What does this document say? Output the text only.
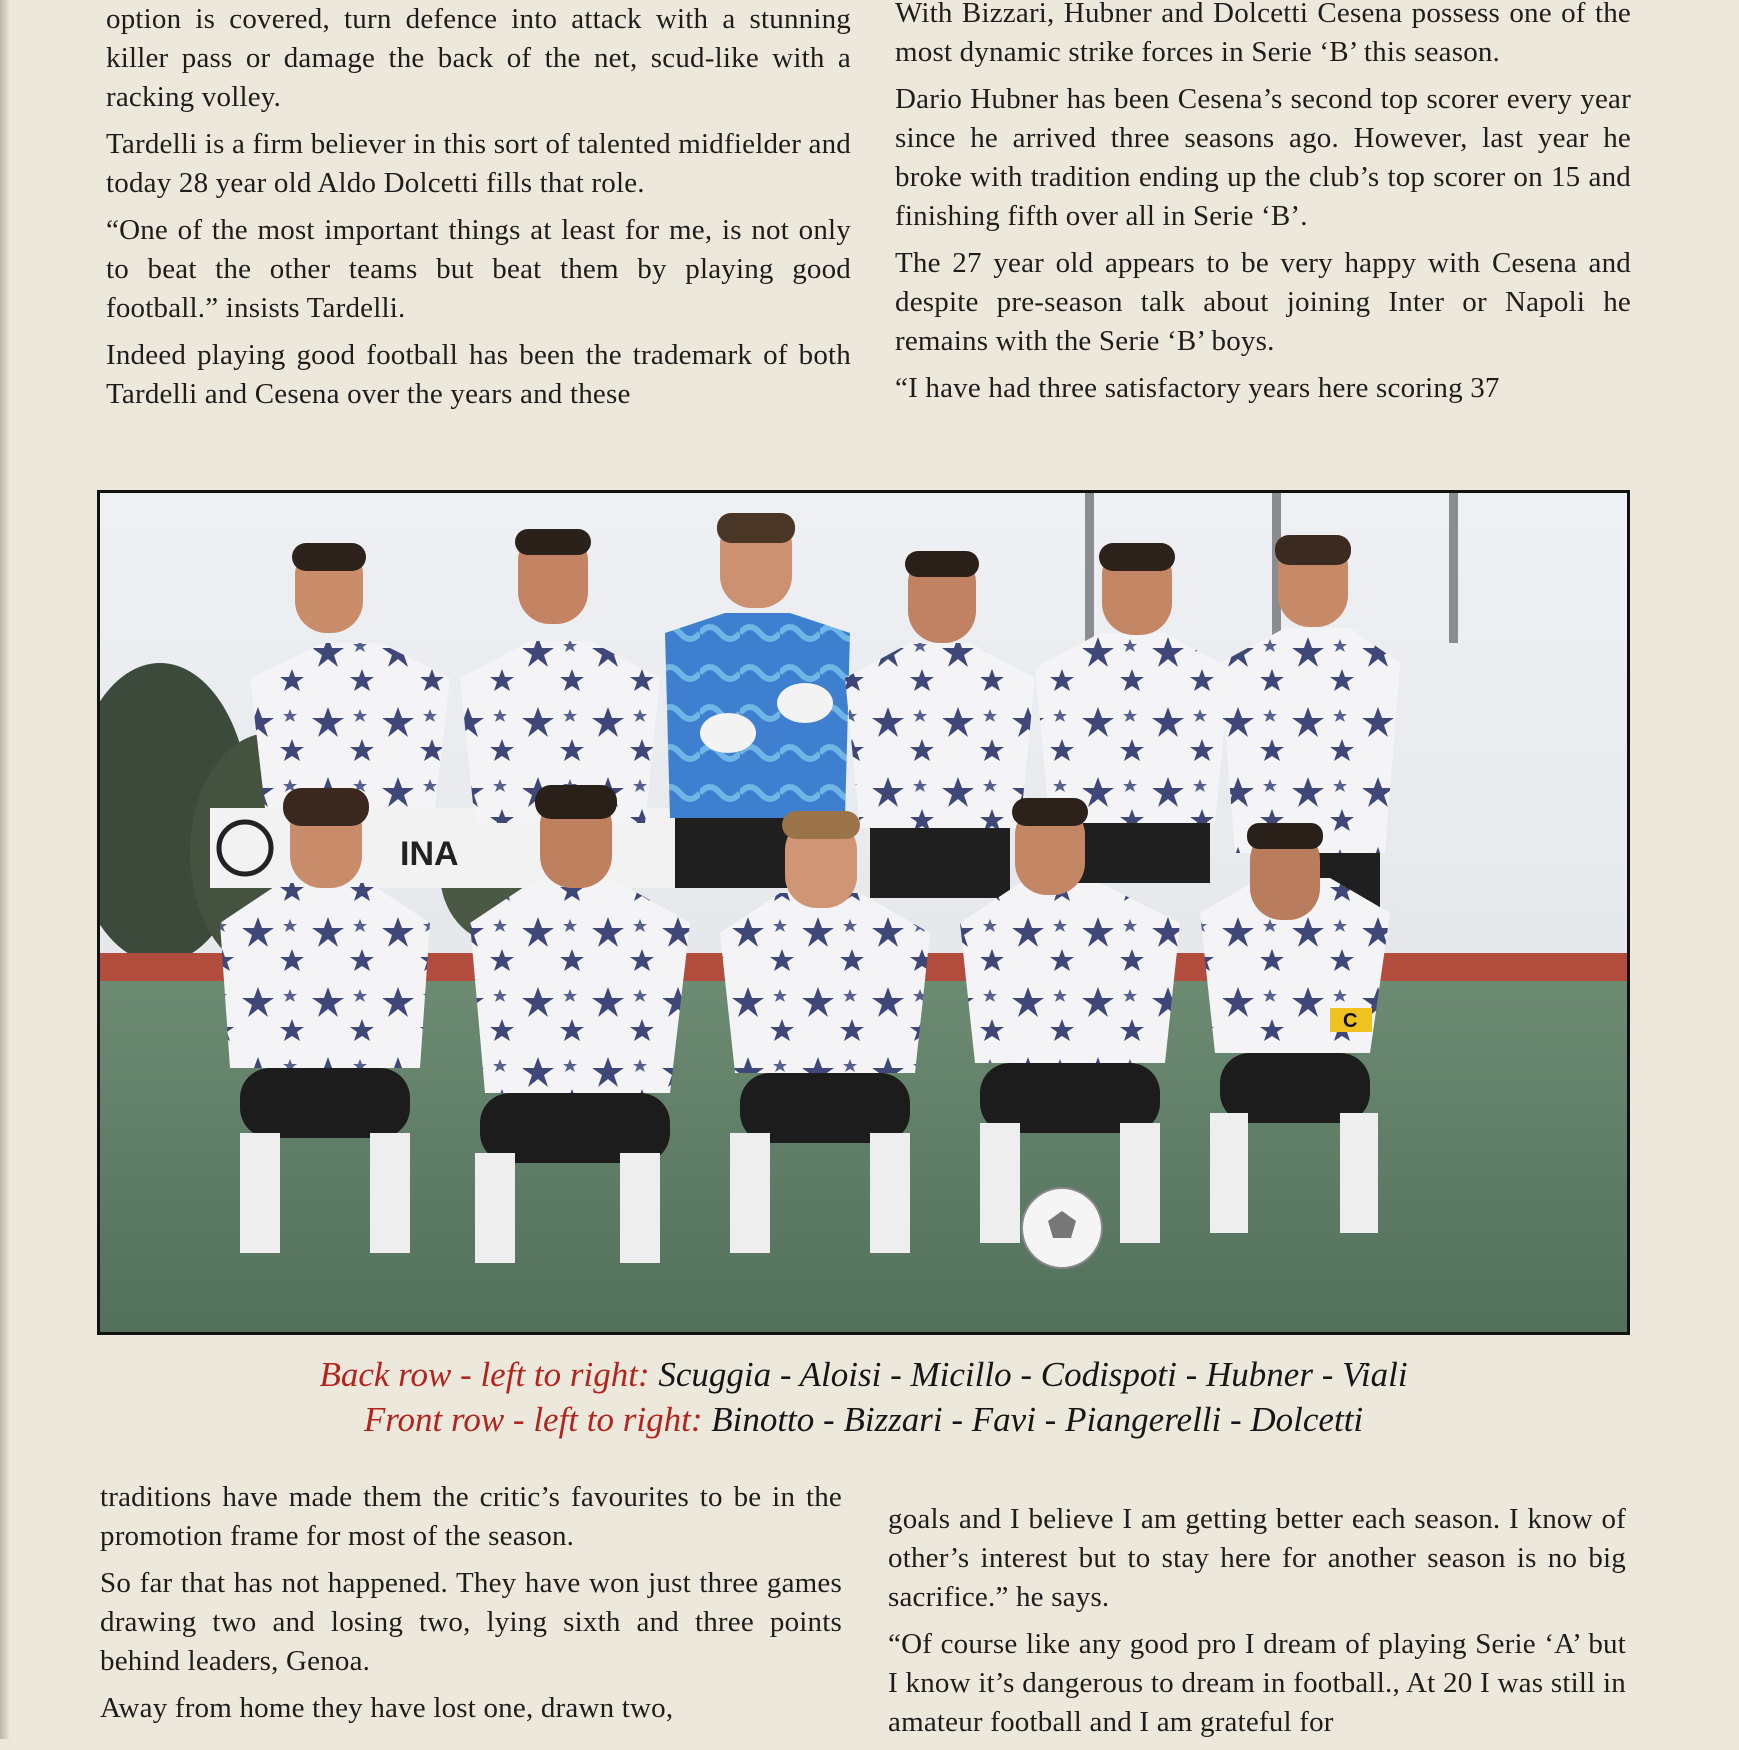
option is covered, turn defence into attack with a stunning killer pass or damage the back of the net, scud-like with a racking volley.

Tardelli is a firm believer in this sort of talented midfielder and today 28 year old Aldo Dolcetti fills that role.

“One of the most important things at least for me, is not only to beat the other teams but beat them by playing good football.” insists Tardelli.

Indeed playing good football has been the trademark of both Tardelli and Cesena over the years and these

With Bizzari, Hubner and Dolcetti Cesena possess one of the most dynamic strike forces in Serie ‘B’ this season.

Dario Hubner has been Cesena’s second top scorer every year since he arrived three seasons ago. However, last year he broke with tradition ending up the club’s top scorer on 15 and finishing fifth over all in Serie ‘B’.

The 27 year old appears to be very happy with Cesena and despite pre-season talk about joining Inter or Napoli he remains with the Serie ‘B’ boys.

“I have had three satisfactory years here scoring 37

INA
C
Back row - left to right: Scuggia - Aloisi - Micillo - Codispoti - Hubner - Viali
Front row - left to right: Binotto - Bizzari - Favi - Piangerelli - Dolcetti

traditions have made them the critic’s favourites to be in the promotion frame for most of the season.

So far that has not happened. They have won just three games drawing two and losing two, lying sixth and three points behind leaders, Genoa.

Away from home they have lost one, drawn two,

goals and I believe I am getting better each season. I know of other’s interest but to stay here for another season is no big sacrifice.” he says.

“Of course like any good pro I dream of playing Serie ‘A’ but I know it’s dangerous to dream in football., At 20 I was still in amateur football and I am grateful for
